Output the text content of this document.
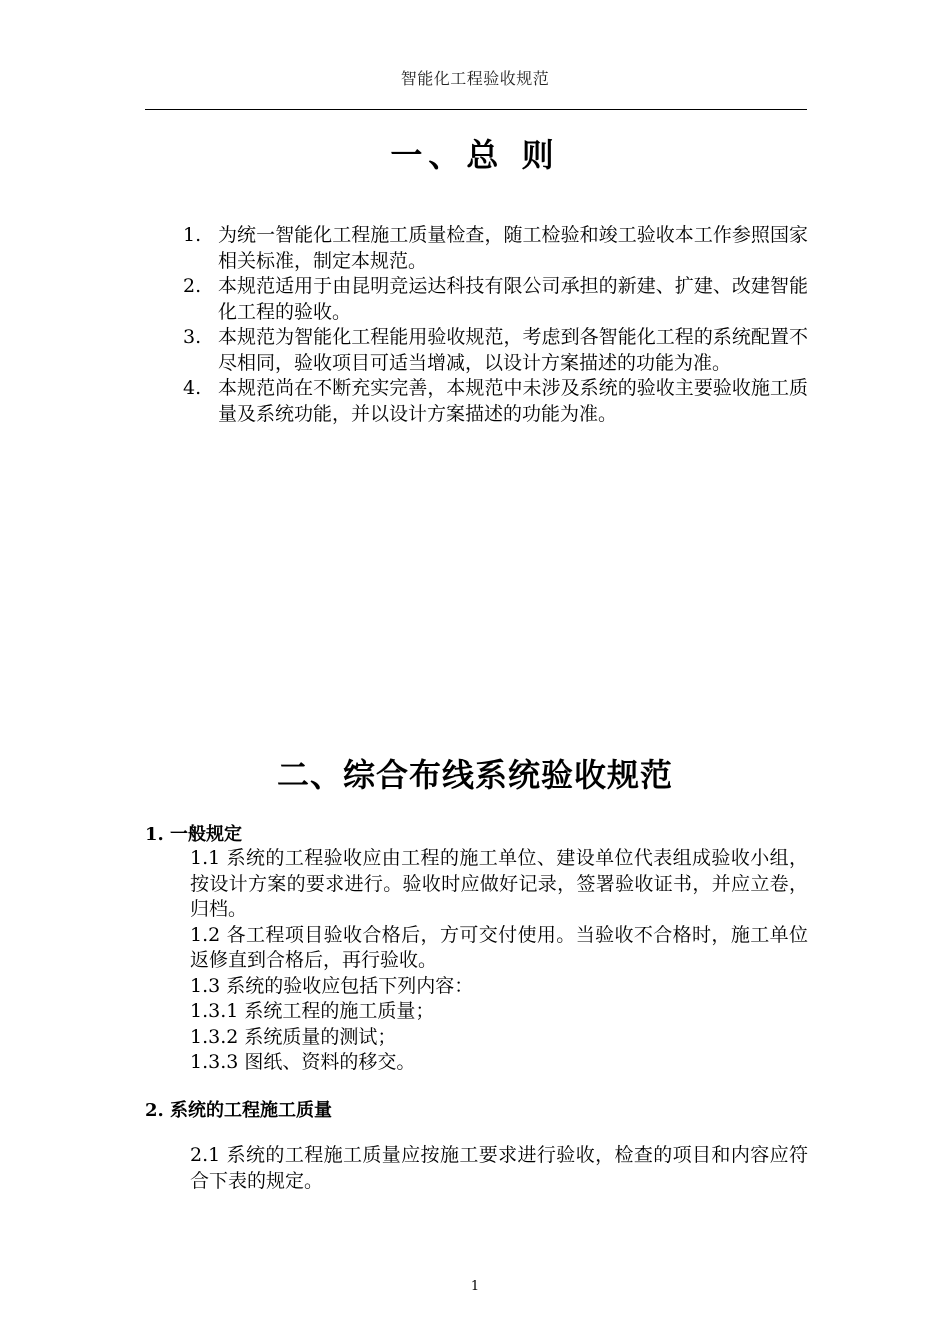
智能化工程验收规范
一、总 则
1. 为统一智能化工程施工质量检查，随工检验和竣工验收本工作参照国家相关标准，制定本规范。
2. 本规范适用于由昆明竞运达科技有限公司承担的新建、扩建、改建智能化工程的验收。
3. 本规范为智能化工程能用验收规范，考虑到各智能化工程的系统配置不尽相同，验收项目可适当增减，以设计方案描述的功能为准。
4. 本规范尚在不断充实完善，本规范中未涉及系统的验收主要验收施工质量及系统功能，并以设计方案描述的功能为准。
二、综合布线系统验收规范
1. 一般规定

1.1 系统的工程验收应由工程的施工单位、建设单位代表组成验收小组，按设计方案的要求进行。验收时应做好记录，签署验收证书，并应立卷，归档。

1.2 各工程项目验收合格后，方可交付使用。当验收不合格时，施工单位返修直到合格后，再行验收。

1.3 系统的验收应包括下列内容：

1.3.1 系统工程的施工质量；

1.3.2 系统质量的测试；

1.3.3 图纸、资料的移交。

2. 系统的工程施工质量

2.1 系统的工程施工质量应按施工要求进行验收，检查的项目和内容应符合下表的规定。

1
